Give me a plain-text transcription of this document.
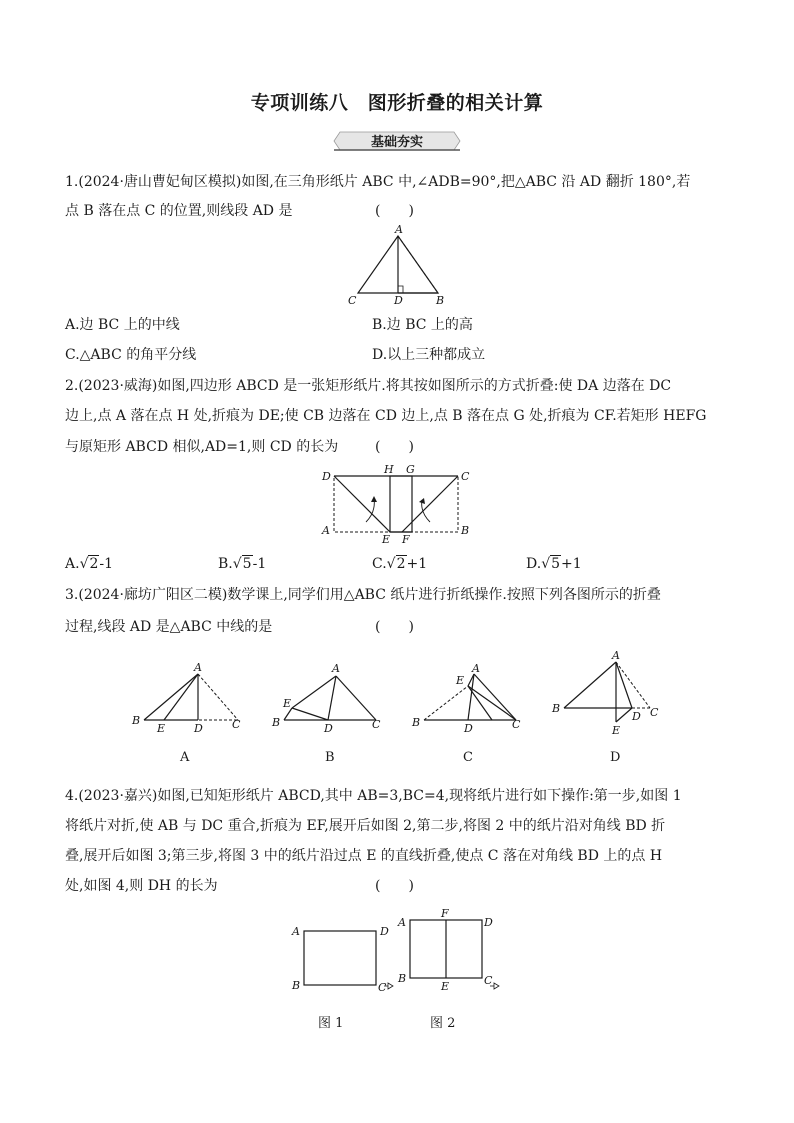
专项训练八　图形折叠的相关计算
基础夯实
1.(2024·唐山曹妃甸区模拟)如图,在三角形纸片 ABC 中,∠ADB=90°,把△ABC 沿 AD 翻折 180°,若
点 B 落在点 C 的位置,则线段 AD 是	(　　)
A
C	D	B
A.边 BC 上的中线	B.边 BC 上的高
C.△ABC 的角平分线	D.以上三种都成立
2.(2023·威海)如图,四边形 ABCD 是一张矩形纸片.将其按如图所示的方式折叠:使 DA 边落在 DC
边上,点 A 落在点 H 处,折痕为 DE;使 CB 边落在 CD 边上,点 B 落在点 G 处,折痕为 CF.若矩形 HEFG
与原矩形 ABCD 相似,AD=1,则 CD 的长为	(　　)
D
H G
C
A
E F
B
A.√2-1	B.√5-1	C.√2+1	D.√5+1
3.(2024·廊坊广阳区二模)数学课上,同学们用△ABC 纸片进行折纸操作.按照下列各图所示的折叠
过程,线段 AD 是△ABC 中线的是	(　　)
A
B
E	D	C
A
A
E
B	D	C
B
A
E
B	D	C
C
A
B
D
E
C
D
4.(2023·嘉兴)如图,已知矩形纸片 ABCD,其中 AB=3,BC=4,现将纸片进行如下操作:第一步,如图 1
将纸片对折,使 AB 与 DC 重合,折痕为 EF,展开后如图 2,第二步,将图 2 中的纸片沿对角线 BD 折
叠,展开后如图 3;第三步,将图 3 中的纸片沿过点 E 的直线折叠,使点 C 落在对角线 BD 上的点 H
处,如图 4,则 DH 的长为	(　　)
A	D
B	C
图 1
A
F
D
B
E	C
图 2
